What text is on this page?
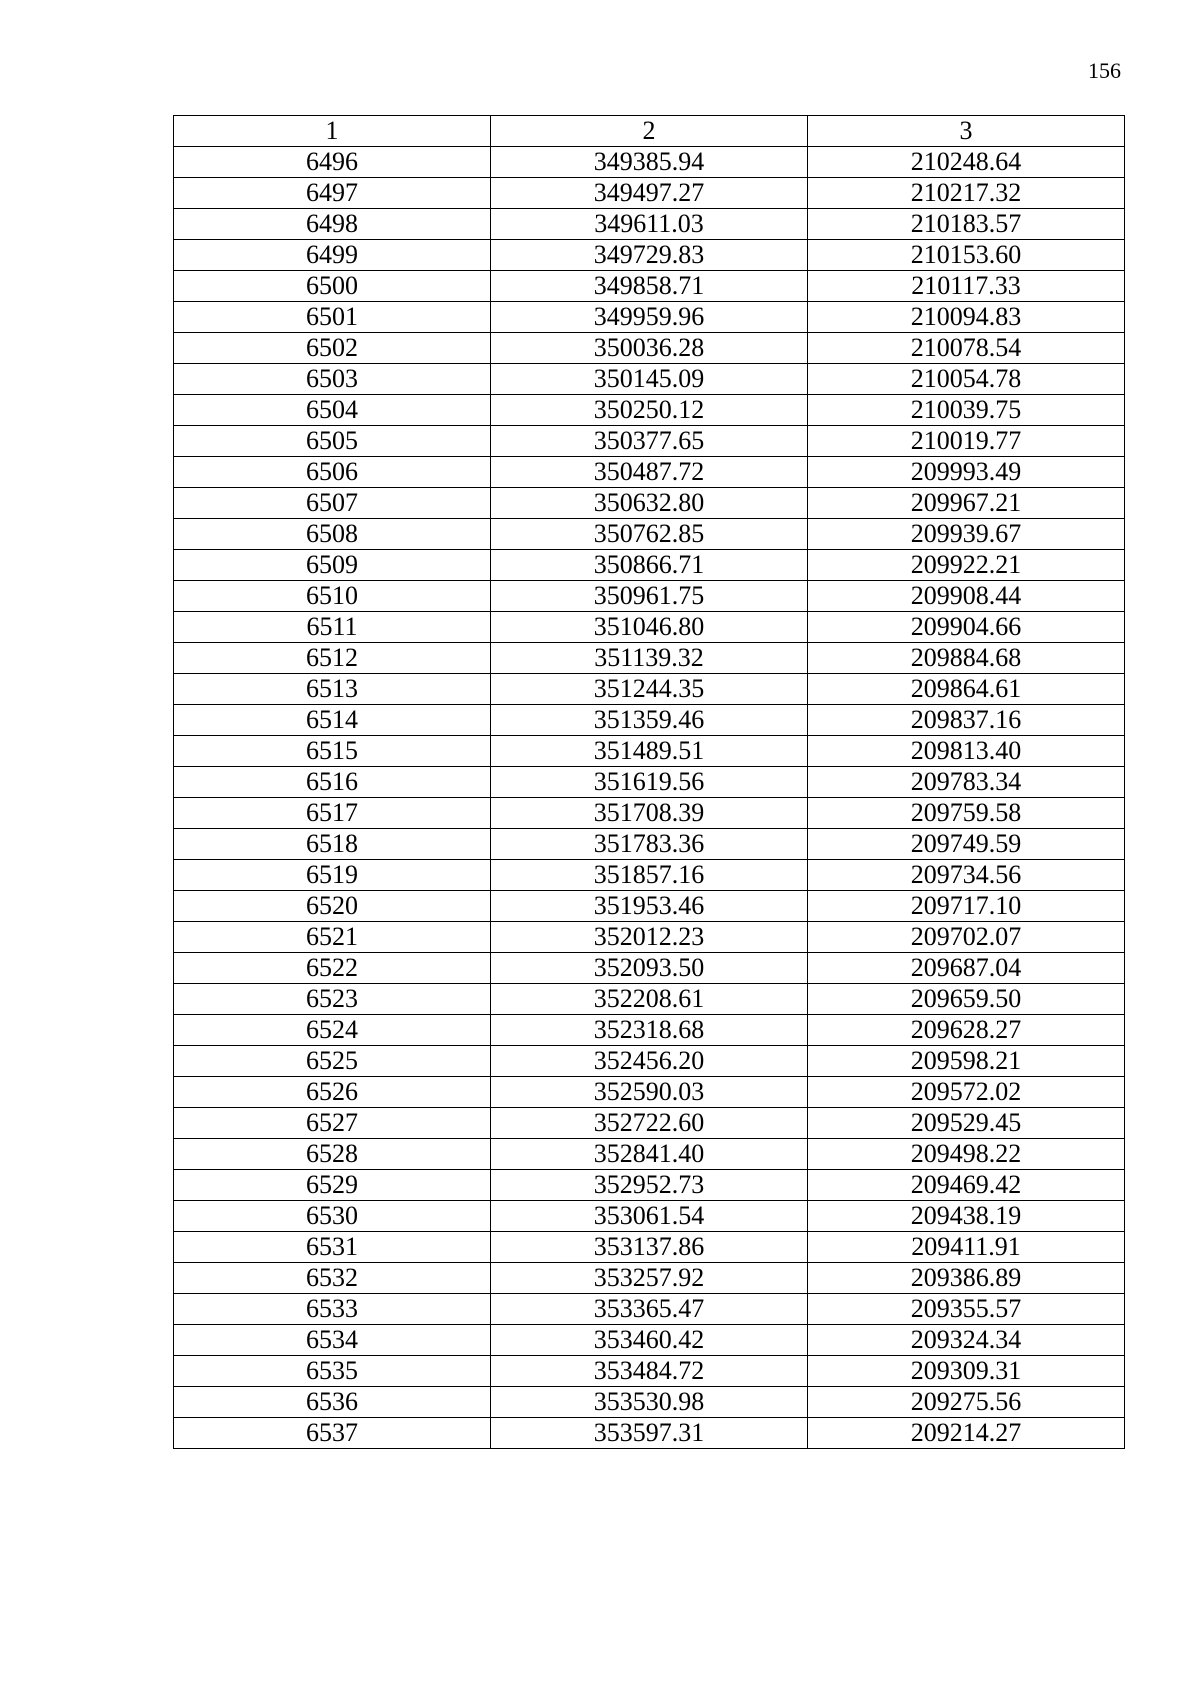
156
1	2	3
6496	349385.94	210248.64
6497	349497.27	210217.32
6498	349611.03	210183.57
6499	349729.83	210153.60
6500	349858.71	210117.33
6501	349959.96	210094.83
6502	350036.28	210078.54
6503	350145.09	210054.78
6504	350250.12	210039.75
6505	350377.65	210019.77
6506	350487.72	209993.49
6507	350632.80	209967.21
6508	350762.85	209939.67
6509	350866.71	209922.21
6510	350961.75	209908.44
6511	351046.80	209904.66
6512	351139.32	209884.68
6513	351244.35	209864.61
6514	351359.46	209837.16
6515	351489.51	209813.40
6516	351619.56	209783.34
6517	351708.39	209759.58
6518	351783.36	209749.59
6519	351857.16	209734.56
6520	351953.46	209717.10
6521	352012.23	209702.07
6522	352093.50	209687.04
6523	352208.61	209659.50
6524	352318.68	209628.27
6525	352456.20	209598.21
6526	352590.03	209572.02
6527	352722.60	209529.45
6528	352841.40	209498.22
6529	352952.73	209469.42
6530	353061.54	209438.19
6531	353137.86	209411.91
6532	353257.92	209386.89
6533	353365.47	209355.57
6534	353460.42	209324.34
6535	353484.72	209309.31
6536	353530.98	209275.56
6537	353597.31	209214.27
